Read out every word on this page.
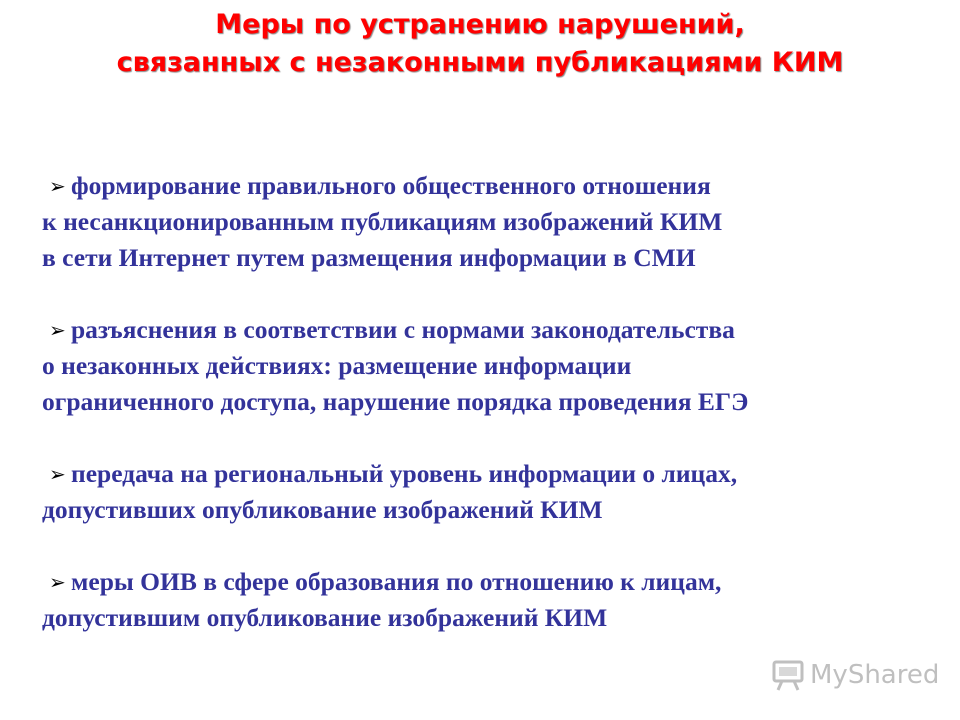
Меры по устранению нарушений,
связанных с незаконными публикациями КИМ
➢ формирование правильного общественного отношения
к несанкционированным публикациям изображений КИМ
в сети Интернет путем размещения информации в СМИ
➢ разъяснения в соответствии с нормами законодательства
о незаконных действиях: размещение информации
ограниченного доступа, нарушение порядка проведения ЕГЭ
➢ передача на региональный уровень информации о лицах,
допустивших опубликование изображений КИМ
➢ меры ОИВ в сфере образования по отношению к лицам,
допустившим опубликование изображений КИМ
MyShared
